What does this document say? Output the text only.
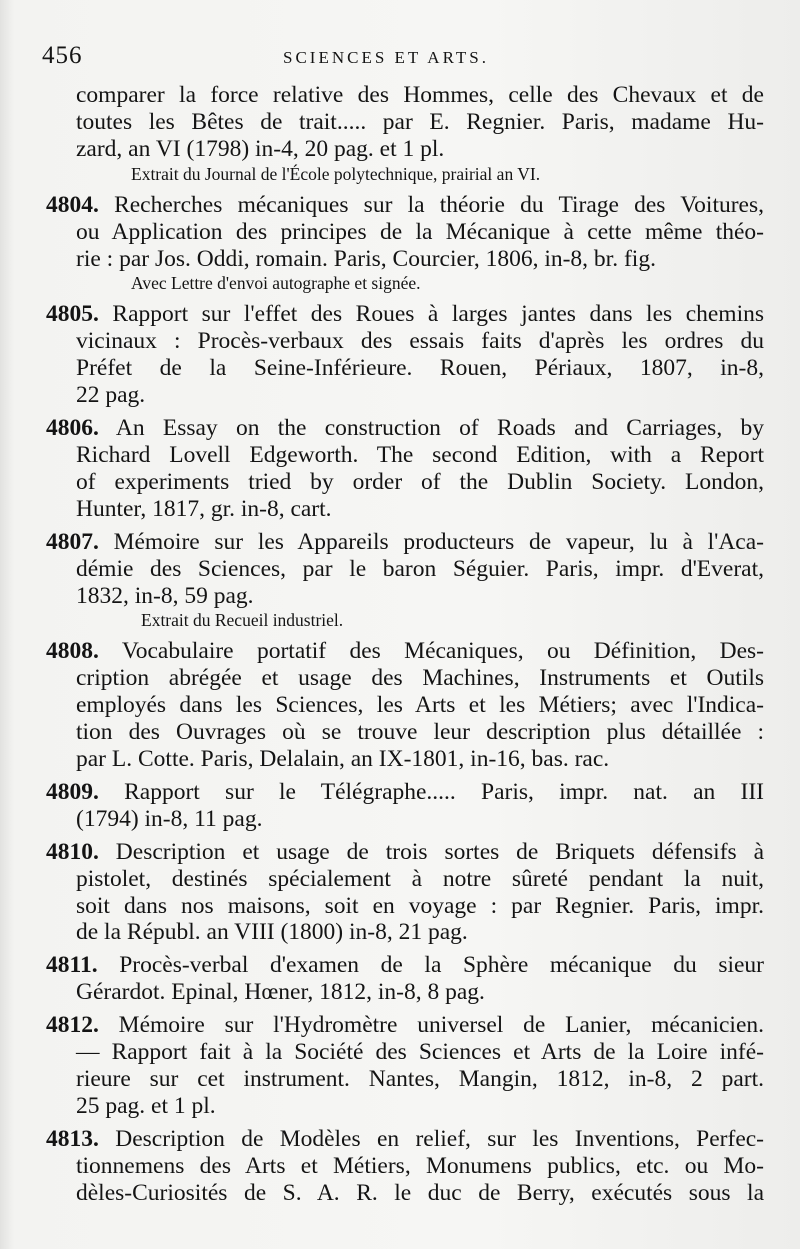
456	SCIENCES ET ARTS.
comparer la force relative des Hommes, celle des Chevaux et de
toutes les Bêtes de trait..... par E. Regnier. Paris, madame Hu-
zard, an VI (1798) in-4, 20 pag. et 1 pl.
Extrait du Journal de l'École polytechnique, prairial an VI.
4804. Recherches mécaniques sur la théorie du Tirage des Voitures,
ou Application des principes de la Mécanique à cette même théo-
rie : par Jos. Oddi, romain. Paris, Courcier, 1806, in-8, br. fig.
Avec Lettre d'envoi autographe et signée.
4805. Rapport sur l'effet des Roues à larges jantes dans les chemins
vicinaux : Procès-verbaux des essais faits d'après les ordres du
Préfet de la Seine-Inférieure. Rouen, Périaux, 1807, in-8,
22 pag.
4806. An Essay on the construction of Roads and Carriages, by
Richard Lovell Edgeworth. The second Edition, with a Report
of experiments tried by order of the Dublin Society. London,
Hunter, 1817, gr. in-8, cart.
4807. Mémoire sur les Appareils producteurs de vapeur, lu à l'Aca-
démie des Sciences, par le baron Séguier. Paris, impr. d'Everat,
1832, in-8, 59 pag.
Extrait du Recueil industriel.
4808. Vocabulaire portatif des Mécaniques, ou Définition, Des-
cription abrégée et usage des Machines, Instruments et Outils
employés dans les Sciences, les Arts et les Métiers; avec l'Indica-
tion des Ouvrages où se trouve leur description plus détaillée :
par L. Cotte. Paris, Delalain, an IX-1801, in-16, bas. rac.
4809. Rapport sur le Télégraphe..... Paris, impr. nat. an III
(1794) in-8, 11 pag.
4810. Description et usage de trois sortes de Briquets défensifs à
pistolet, destinés spécialement à notre sûreté pendant la nuit,
soit dans nos maisons, soit en voyage : par Regnier. Paris, impr.
de la Républ. an VIII (1800) in-8, 21 pag.
4811. Procès-verbal d'examen de la Sphère mécanique du sieur
Gérardot. Epinal, Hœner, 1812, in-8, 8 pag.
4812. Mémoire sur l'Hydromètre universel de Lanier, mécanicien.
— Rapport fait à la Société des Sciences et Arts de la Loire infé-
rieure sur cet instrument. Nantes, Mangin, 1812, in-8, 2 part.
25 pag. et 1 pl.
4813. Description de Modèles en relief, sur les Inventions, Perfec-
tionnemens des Arts et Métiers, Monumens publics, etc. ou Mo-
dèles-Curiosités de S. A. R. le duc de Berry, exécutés sous la
